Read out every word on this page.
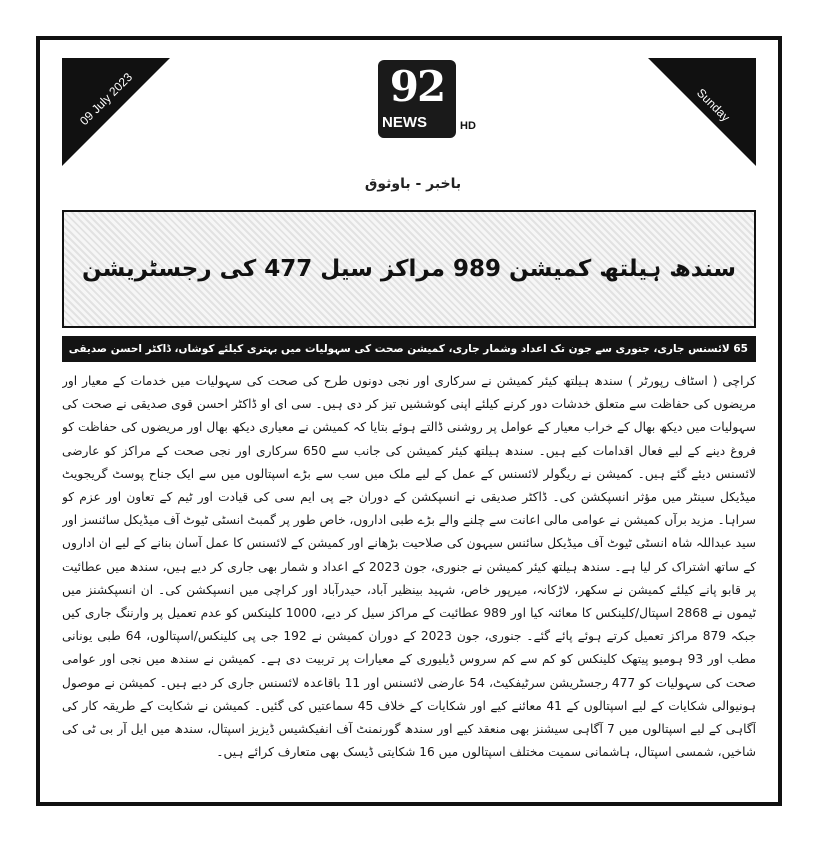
09 July 2023	Sunday
92
NEWS	HD
باخبر - باوثوق
سندھ ہیلتھ کمیشن 989 مراکز سیل 477 کی رجسٹریشن
65 لائسنس جاری، جنوری سے جون تک اعداد وشمار جاری، کمیشن صحت کی سہولیات میں بہتری کیلئے کوشاں، ڈاکٹر احسن صدیقی

کراچی ( اسٹاف رپورٹر ) سندھ ہیلتھ کیئر کمیشن نے سرکاری اور نجی دونوں طرح کی صحت کی سہولیات میں خدمات کے معیار اور مریضوں کی حفاظت سے متعلق خدشات دور کرنے کیلئے اپنی کوششیں تیز کر دی ہیں۔ سی ای او ڈاکٹر احسن قوی صدیقی نے صحت کی سہولیات میں دیکھ بھال کے خراب معیار کے عوامل پر روشنی ڈالتے ہوئے بتایا کہ کمیشن نے معیاری دیکھ بھال اور مریضوں کی حفاظت کو فروغ دینے کے لیے فعال اقدامات کیے ہیں۔ سندھ ہیلتھ کیئر کمیشن کی جانب سے 650 سرکاری اور نجی صحت کے مراکز کو عارضی لائسنس دیئے گئے ہیں۔ کمیشن نے ریگولر لائسنس کے عمل کے لیے ملک میں سب سے بڑے اسپتالوں میں سے ایک جناح پوسٹ گریجویٹ میڈیکل سینٹر میں مؤثر انسپکشن کی۔ ڈاکٹر صدیقی نے انسپکشن کے دوران جے پی ایم سی کی قیادت اور ٹیم کے تعاون اور عزم کو سراہا۔ مزید برآں کمیشن نے عوامی مالی اعانت سے چلنے والے بڑے طبی اداروں، خاص طور پر گمبٹ انسٹی ٹیوٹ آف میڈیکل سائنسز اور سید عبداللہ شاہ انسٹی ٹیوٹ آف میڈیکل سائنس سیہون کی صلاحیت بڑھانے اور کمیشن کے لائسنس کا عمل آسان بنانے کے لیے ان اداروں کے ساتھ اشتراک کر لیا ہے۔ سندھ ہیلتھ کیئر کمیشن نے جنوری، جون 2023 کے اعداد و شمار بھی جاری کر دیے ہیں، سندھ میں عطائیت پر قابو پانے کیلئے کمیشن نے سکھر، لاڑکانہ، میرپور خاص، شہید بینظیر آباد، حیدرآباد اور کراچی میں انسپکشن کی۔ ان انسپکشنز میں ٹیموں نے 2868 اسپتال/کلینکس کا معائنہ کیا اور 989 عطائیت کے مراکز سیل کر دیے، 1000 کلینکس کو عدم تعمیل پر وارننگ جاری کیں جبکہ 879 مراکز تعمیل کرتے ہوئے پائے گئے۔ جنوری، جون 2023 کے دوران کمیشن نے 192 جی پی کلینکس/اسپتالوں، 64 طبی یونانی مطب اور 93 ہومیو پیتھک کلینکس کو کم سے کم سروس ڈیلیوری کے معیارات پر تربیت دی ہے۔ کمیشن نے سندھ میں نجی اور عوامی صحت کی سہولیات کو 477 رجسٹریشن سرٹیفکیٹ، 54 عارضی لائسنس اور 11 باقاعدہ لائسنس جاری کر دیے ہیں۔ کمیشن نے موصول ہونیوالی شکایات کے لیے اسپتالوں کے 41 معائنے کیے اور شکایات کے خلاف 45 سماعتیں کی گئیں۔ کمیشن نے شکایت کے طریقہ کار کی آگاہی کے لیے اسپتالوں میں 7 آگاہی سیشنز بھی منعقد کیے اور سندھ گورنمنٹ آف انفیکشیس ڈیزیز اسپتال، سندھ میں ایل آر بی ٹی کی شاخیں، شمسی اسپتال، ہاشمانی سمیت مختلف اسپتالوں میں 16 شکایتی ڈیسک بھی متعارف کرائے ہیں۔
